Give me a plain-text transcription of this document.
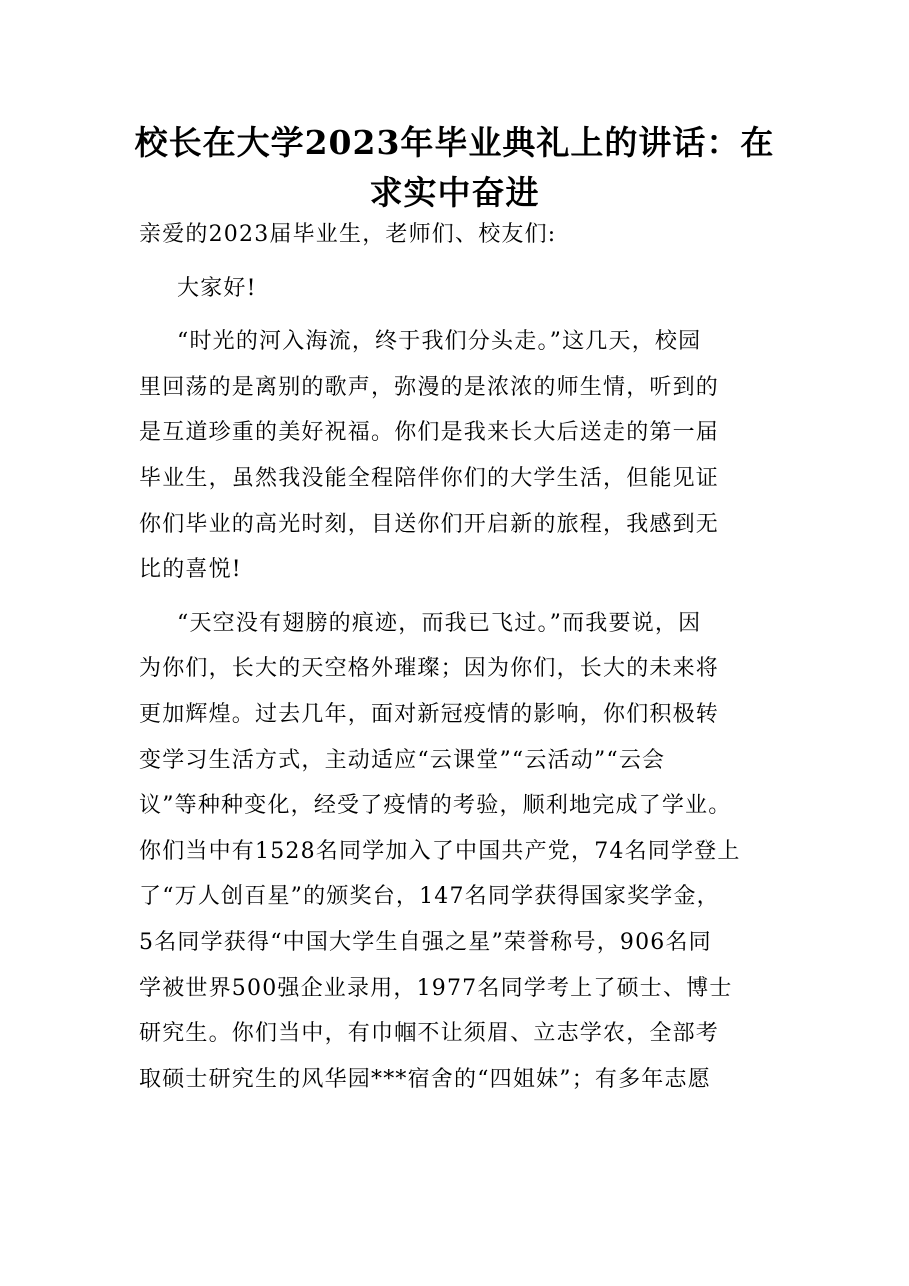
校长在大学2023年毕业典礼上的讲话：在
求实中奋进
亲爱的2023届毕业生，老师们、校友们:
大家好!
“时光的河入海流，终于我们分头走。”这几天，校园
里回荡的是离别的歌声，弥漫的是浓浓的师生情，听到的
是互道珍重的美好祝福。你们是我来长大后送走的第一届
毕业生，虽然我没能全程陪伴你们的大学生活，但能见证
你们毕业的高光时刻，目送你们开启新的旅程，我感到无
比的喜悦!
“天空没有翅膀的痕迹，而我已飞过。”而我要说，因
为你们，长大的天空格外璀璨；因为你们，长大的未来将
更加辉煌。过去几年，面对新冠疫情的影响，你们积极转
变学习生活方式，主动适应“云课堂”“云活动”“云会
议”等种种变化，经受了疫情的考验，顺利地完成了学业。
你们当中有1528名同学加入了中国共产党，74名同学登上
了“万人创百星”的颁奖台，147名同学获得国家奖学金，
5名同学获得“中国大学生自强之星”荣誉称号，906名同
学被世界500强企业录用，1977名同学考上了硕士、博士
研究生。你们当中，有巾帼不让须眉、立志学农，全部考
取硕士研究生的风华园***宿舍的“四姐妹”；有多年志愿
